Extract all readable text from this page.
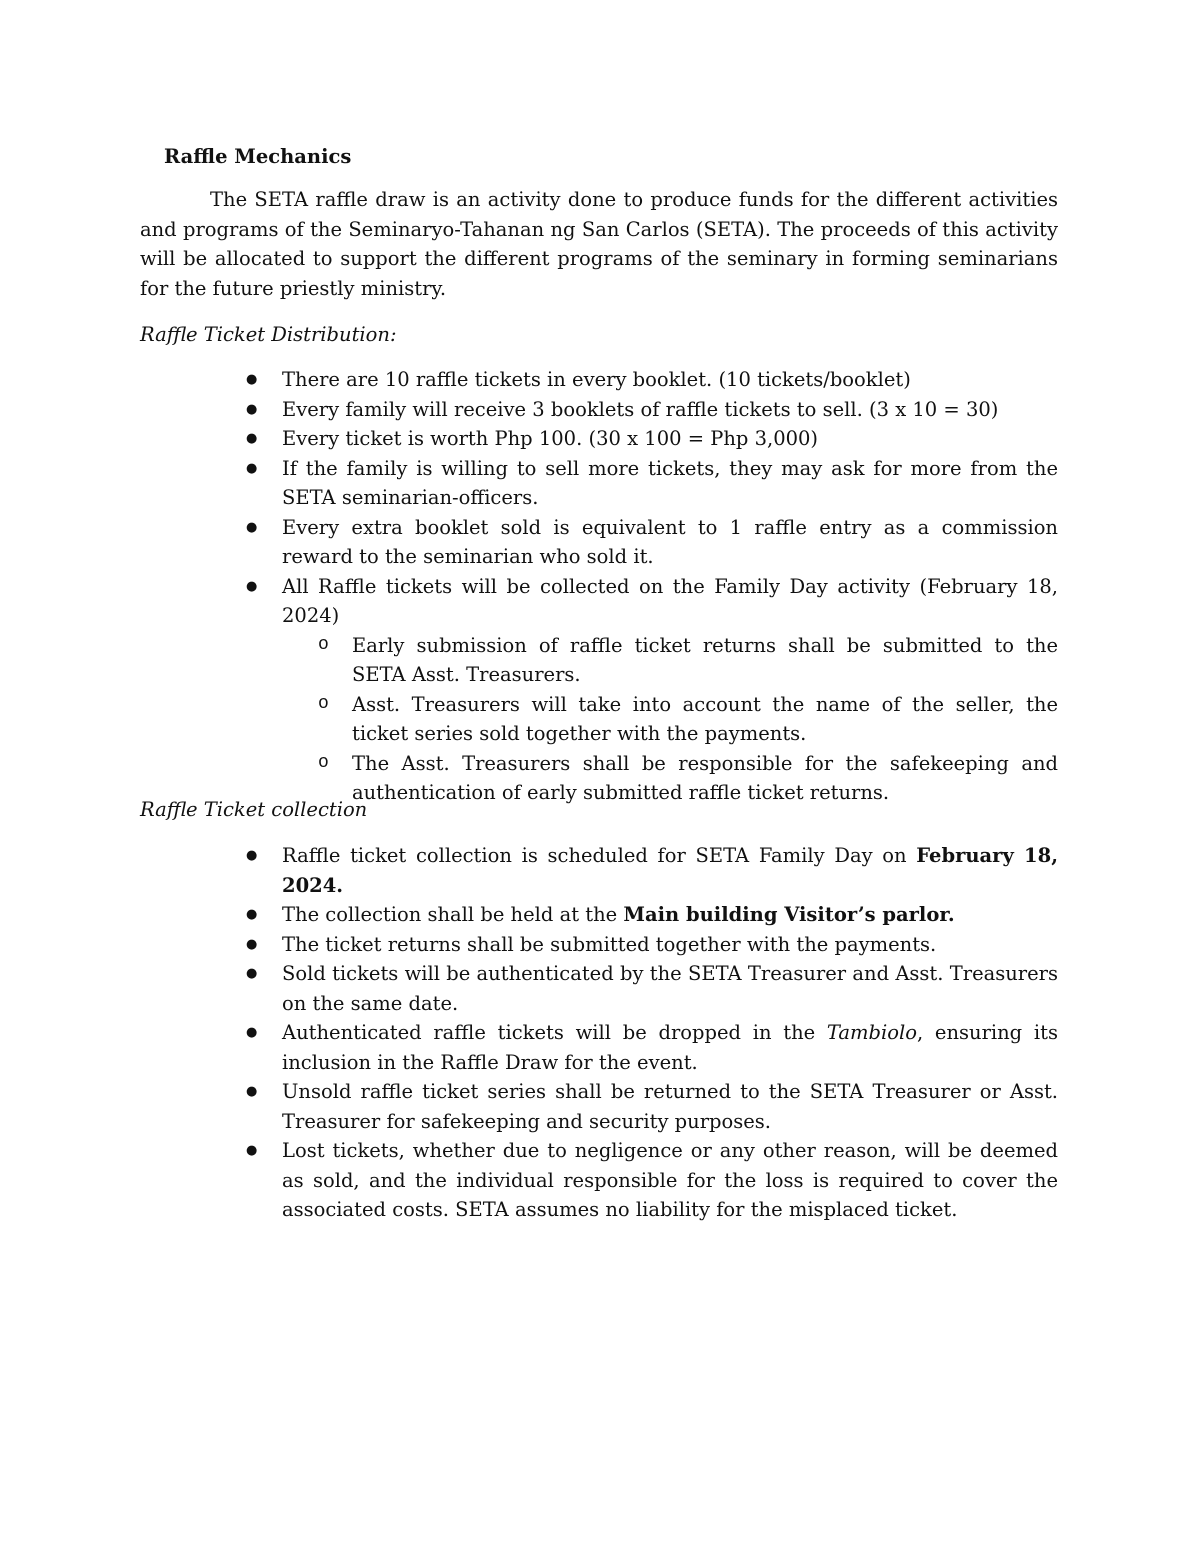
Raffle Mechanics
The SETA raffle draw is an activity done to produce funds for the different activities and programs of the Seminaryo-Tahanan ng San Carlos (SETA). The proceeds of this activity will be allocated to support the different programs of the seminary in forming seminarians for the future priestly ministry.
Raffle Ticket Distribution:
● There are 10 raffle tickets in every booklet. (10 tickets/booklet)
● Every family will receive 3 booklets of raffle tickets to sell. (3 x 10 = 30)
● Every ticket is worth Php 100. (30 x 100 = Php 3,000)
● If the family is willing to sell more tickets, they may ask for more from the SETA seminarian-officers.
● Every extra booklet sold is equivalent to 1 raffle entry as a commission reward to the seminarian who sold it.
● All Raffle tickets will be collected on the Family Day activity (February 18, 2024)
o Early submission of raffle ticket returns shall be submitted to the SETA Asst. Treasurers.
o Asst. Treasurers will take into account the name of the seller, the ticket series sold together with the payments.
o The Asst. Treasurers shall be responsible for the safekeeping and authentication of early submitted raffle ticket returns.
Raffle Ticket collection
● Raffle ticket collection is scheduled for SETA Family Day on February 18, 2024.
● The collection shall be held at the Main building Visitor’s parlor.
● The ticket returns shall be submitted together with the payments.
● Sold tickets will be authenticated by the SETA Treasurer and Asst. Treasurers on the same date.
● Authenticated raffle tickets will be dropped in the Tambiolo, ensuring its inclusion in the Raffle Draw for the event.
● Unsold raffle ticket series shall be returned to the SETA Treasurer or Asst. Treasurer for safekeeping and security purposes.
● Lost tickets, whether due to negligence or any other reason, will be deemed as sold, and the individual responsible for the loss is required to cover the associated costs. SETA assumes no liability for the misplaced ticket.
